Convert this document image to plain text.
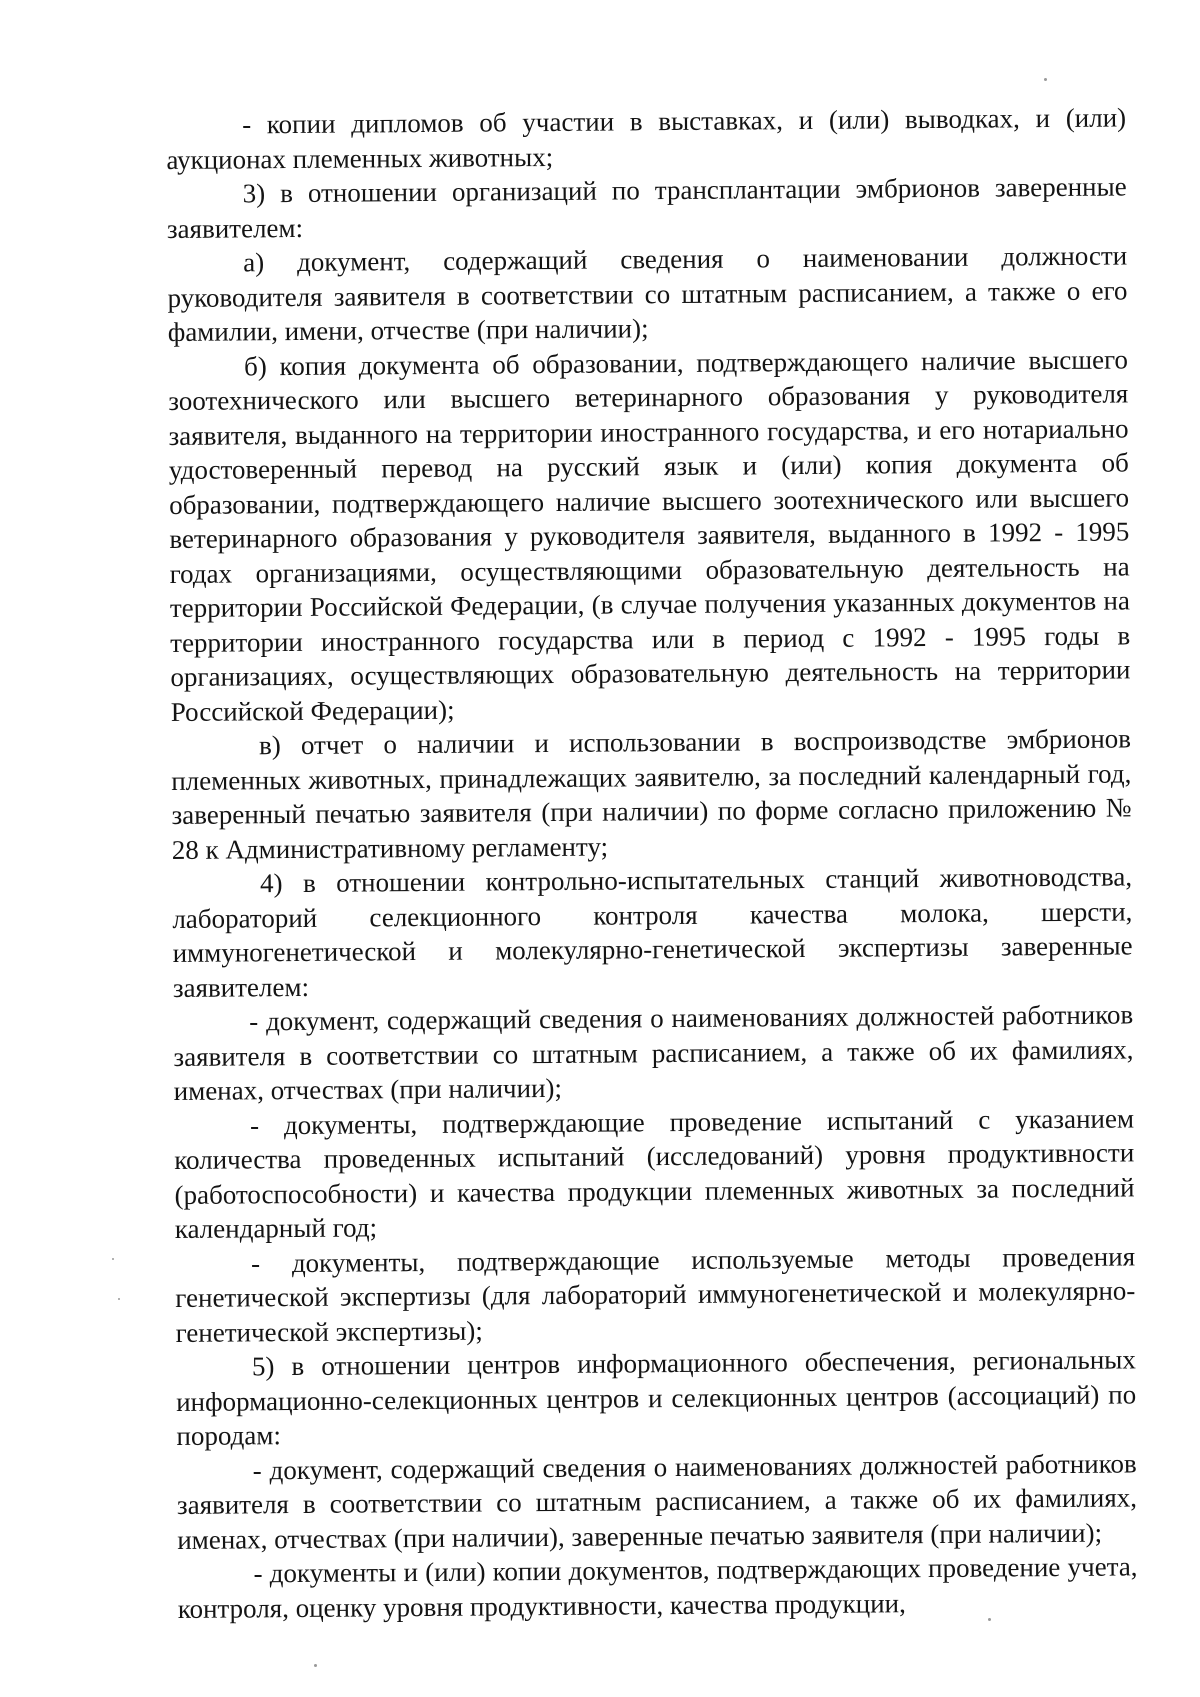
- копии дипломов об участии в выставках, и (или) выводках, и (или) аукционах племенных животных;

3) в отношении организаций по трансплантации эмбрионов заверенные заявителем:

а) документ, содержащий сведения о наименовании должности руководителя заявителя в соответствии со штатным расписанием, а также о его фамилии, имени, отчестве (при наличии);

б) копия документа об образовании, подтверждающего наличие высшего зоотехнического или высшего ветеринарного образования у руководителя заявителя, выданного на территории иностранного государства, и его нотариально удостоверенный перевод на русский язык и (или) копия документа об образовании, подтверждающего наличие высшего зоотехнического или высшего ветеринарного образования у руководителя заявителя, выданного в 1992 - 1995 годах организациями, осуществляющими образовательную деятельность на территории Российской Федерации, (в случае получения указанных документов на территории иностранного государства или в период с 1992 - 1995 годы в организациях, осуществляющих образовательную деятельность на территории Российской Федерации);

в) отчет о наличии и использовании в воспроизводстве эмбрионов племенных животных, принадлежащих заявителю, за последний календарный год, заверенный печатью заявителя (при наличии) по форме согласно приложению № 28 к Административному регламенту;

4) в отношении контрольно-испытательных станций животноводства, лабораторий селекционного контроля качества молока, шерсти, иммуногенетической и молекулярно-генетической экспертизы заверенные заявителем:

- документ, содержащий сведения о наименованиях должностей работников заявителя в соответствии со штатным расписанием, а также об их фамилиях, именах, отчествах (при наличии);

- документы, подтверждающие проведение испытаний с указанием количества проведенных испытаний (исследований) уровня продуктивности (работоспособности) и качества продукции племенных животных за последний календарный год;

- документы, подтверждающие используемые методы проведения генетической экспертизы (для лабораторий иммуногенетической и молекулярно-генетической экспертизы);

5) в отношении центров информационного обеспечения, региональных информационно-селекционных центров и селекционных центров (ассоциаций) по породам:

- документ, содержащий сведения о наименованиях должностей работников заявителя в соответствии со штатным расписанием, а также об их фамилиях, именах, отчествах (при наличии), заверенные печатью заявителя (при наличии);

- документы и (или) копии документов, подтверждающих проведение учета, контроля, оценку уровня продуктивности, качества продукции,
